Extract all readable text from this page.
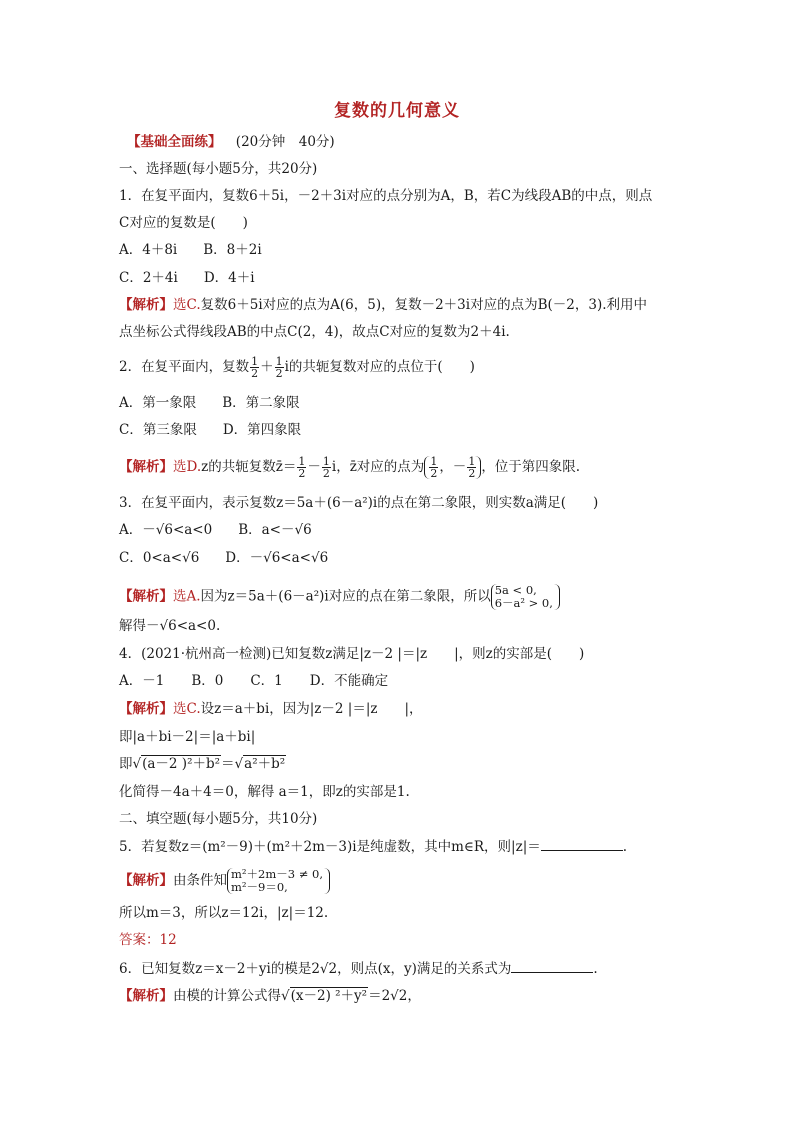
复数的几何意义
【基础全面练】 (20分钟　40分)
一、选择题(每小题5分，共20分)
1．在复平面内，复数6＋5i，－2＋3i对应的点分别为A，B，若C为线段AB的中点，则点
C对应的复数是(　　)
A．4＋8i B．8＋2i
C．2＋4i D．4＋i
【解析】选C.复数6＋5i对应的点为A(6，5)，复数－2＋3i对应的点为B(－2，3).利用中
点坐标公式得线段AB的中点C(2，4)，故点C对应的复数为2＋4i.
2．在复平面内，复数 $\frac{1}{2} + \frac{1}{2}$ i的共轭复数对应的点位于(　　)
A．第一象限 B．第二象限
C．第三象限 D．第四象限
【解析】选D.z的共轭复数z̄＝ $\frac{1}{2} - \frac{1}{2}$ i，z̄对应的点为 $\frac{1}{2}$ ，－ $\frac{1}{2}$ ，位于第四象限.
3．在复平面内，表示复数z＝5a＋(6－a²)i的点在第二象限，则实数a满足(　　)
A．－√6<a<0 B．a<－√6
C．0<a<√6 D．－√6<a<√6
【解析】选A.因为z＝5a＋(6－a²)i对应的点在第二象限，所以 5a < 0,
6－a² > 0,
解得－√6<a<0.
4．(2021·杭州高一检测)已知复数z满足|z－2 |＝|z　　|，则z的实部是(　　)
A．－1　　B．0　　C．1　　D．不能确定
【解析】选C.设z＝a＋bi，因为|z－2 |＝|z　　|，
即|a＋bi－2|＝|a＋bi|
即√(a－2 )²＋b²＝√a²＋b²
化简得－4a＋4＝0，解得 a＝1，即z的实部是1.
二、填空题(每小题5分，共10分)
5．若复数z＝(m²－9)＋(m²＋2m－3)i是纯虚数，其中m∈R，则|z|＝	.
【解析】由条件知 m²＋2m－3 ≠ 0,
m²－9＝0,
所以m＝3，所以z＝12i，|z|＝12.
答案：12
6．已知复数z＝x－2＋yi的模是2√2，则点(x，y)满足的关系式为	.
【解析】由模的计算公式得√(x－2) ²＋y²＝2√2，
